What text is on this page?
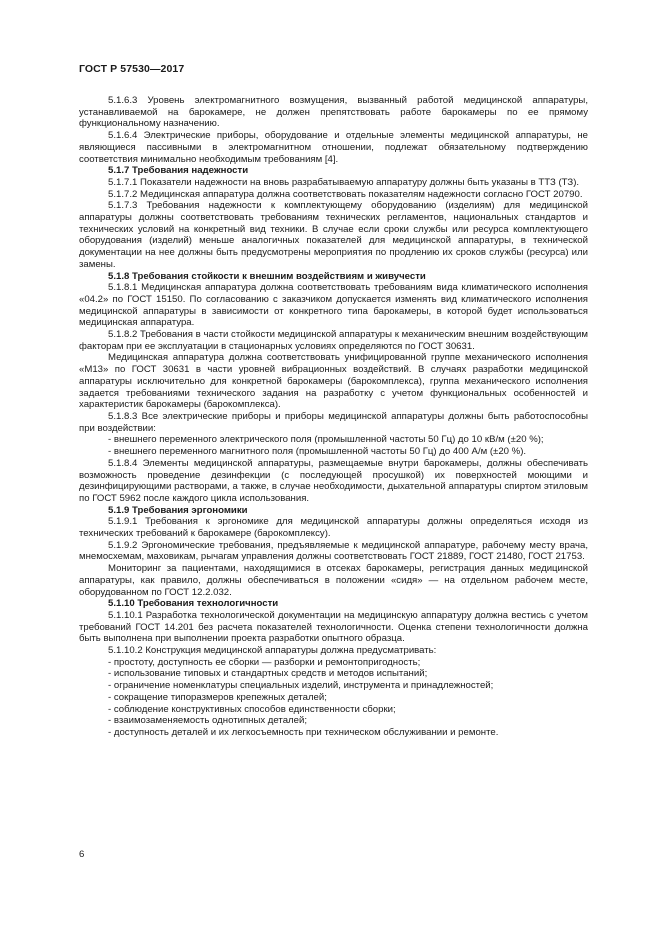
ГОСТ Р 57530—2017

5.1.6.3 Уровень электромагнитного возмущения, вызванный работой медицинской аппаратуры, устанавливаемой на барокамере, не должен препятствовать работе барокамеры по ее прямому функциональному назначению.

5.1.6.4 Электрические приборы, оборудование и отдельные элементы медицинской аппаратуры, не являющиеся пассивными в электромагнитном отношении, подлежат обязательному подтверждению соответствия минимально необходимым требованиям [4].

5.1.7 Требования надежности

5.1.7.1 Показатели надежности на вновь разрабатываемую аппаратуру должны быть указаны в ТТЗ (ТЗ).

5.1.7.2 Медицинская аппаратура должна соответствовать показателям надежности согласно ГОСТ 20790.

5.1.7.3 Требования надежности к комплектующему оборудованию (изделиям) для медицинской аппаратуры должны соответствовать требованиям технических регламентов, национальных стандартов и технических условий на конкретный вид техники. В случае если сроки службы или ресурса комплектующего оборудования (изделий) меньше аналогичных показателей для медицинской аппаратуры, в технической документации на нее должны быть предусмотрены мероприятия по продлению их сроков службы (ресурса) или замены.

5.1.8 Требования стойкости к внешним воздействиям и живучести

5.1.8.1 Медицинская аппаратура должна соответствовать требованиям вида климатического исполнения «04.2» по ГОСТ 15150. По согласованию с заказчиком допускается изменять вид климатического исполнения медицинской аппаратуры в зависимости от конкретного типа барокамеры, в которой будет использоваться медицинская аппаратура.

5.1.8.2 Требования в части стойкости медицинской аппаратуры к механическим внешним воздействующим факторам при ее эксплуатации в стационарных условиях определяются по ГОСТ 30631.

Медицинская аппаратура должна соответствовать унифицированной группе механического исполнения «М13» по ГОСТ 30631 в части уровней вибрационных воздействий. В случаях разработки медицинской аппаратуры исключительно для конкретной барокамеры (барокомплекса), группа механического исполнения задается требованиями технического задания на разработку с учетом функциональных особенностей и характеристик барокамеры (барокомплекса).

5.1.8.3 Все электрические приборы и приборы медицинской аппаратуры должны быть работоспособны при воздействии:

- внешнего переменного электрического поля (промышленной частоты 50 Гц) до 10 кВ/м (±20 %);

- внешнего переменного магнитного поля (промышленной частоты 50 Гц) до 400 А/м (±20 %).

5.1.8.4 Элементы медицинской аппаратуры, размещаемые внутри барокамеры, должны обеспечивать возможность проведение дезинфекции (с последующей просушкой) их поверхностей моющими и дезинфицирующими растворами, а также, в случае необходимости, дыхательной аппаратуры спиртом этиловым по ГОСТ 5962 после каждого цикла использования.

5.1.9 Требования эргономики

5.1.9.1 Требования к эргономике для медицинской аппаратуры должны определяться исходя из технических требований к барокамере (барокомплексу).

5.1.9.2 Эргономические требования, предъявляемые к медицинской аппаратуре, рабочему месту врача, мнемосхемам, маховикам, рычагам управления должны соответствовать ГОСТ 21889, ГОСТ 21480, ГОСТ 21753.

Мониторинг за пациентами, находящимися в отсеках барокамеры, регистрация данных медицинской аппаратуры, как правило, должны обеспечиваться в положении «сидя» — на отдельном рабочем месте, оборудованном по ГОСТ 12.2.032.

5.1.10 Требования технологичности

5.1.10.1 Разработка технологической документации на медицинскую аппаратуру должна вестись с учетом требований ГОСТ 14.201 без расчета показателей технологичности. Оценка степени технологичности должна быть выполнена при выполнении проекта разработки опытного образца.

5.1.10.2 Конструкция медицинской аппаратуры должна предусматривать:

- простоту, доступность ее сборки — разборки и ремонтопригодность;

- использование типовых и стандартных средств и методов испытаний;

- ограничение номенклатуры специальных изделий, инструмента и принадлежностей;

- сокращение типоразмеров крепежных деталей;

- соблюдение конструктивных способов единственности сборки;

- взаимозаменяемость однотипных деталей;

- доступность деталей и их легкосъемность при техническом обслуживании и ремонте.

6
